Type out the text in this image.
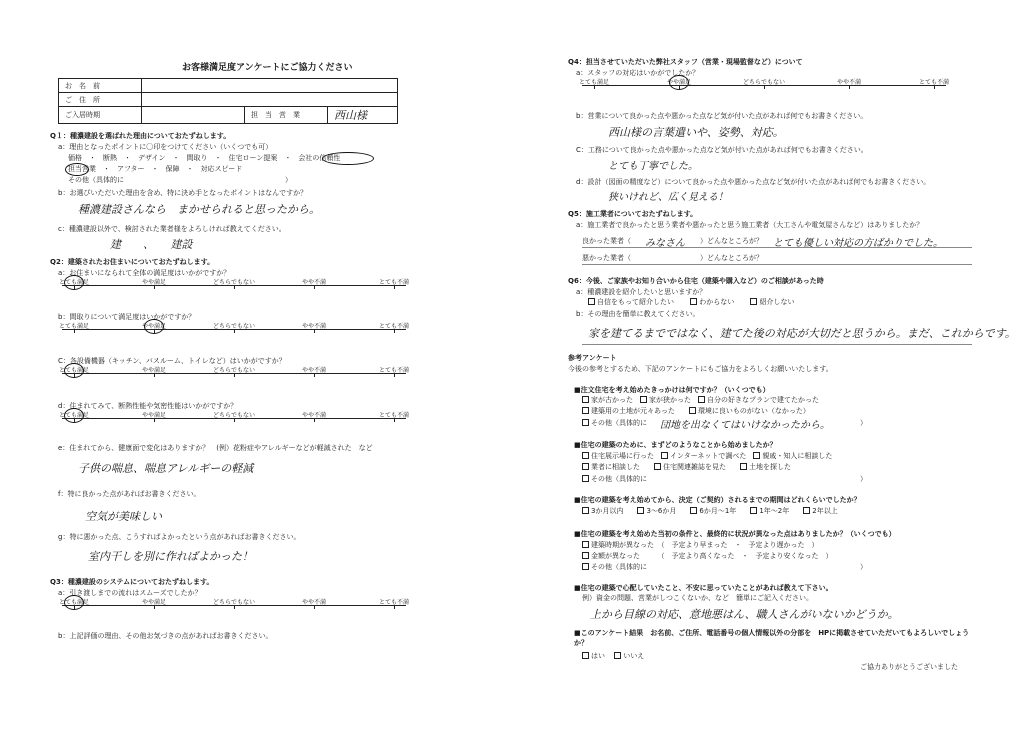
お客様満足度アンケートにご協力ください
お　名　前			
ご　住　所			
ご入居時期		担　当　営　業	西山様
Q１：種濃建設を選ばれた理由についておたずねします。
a：理由となったポイントに〇印をつけてください（いくつでも可）
価格　・　断熱　・　デザイン　・　間取り　・　住宅ローン提案　・　会社の信頼性
担当営業　・　アフター　・　保障　・　対応スピード
その他（具体的に　　　　　　　　　　　　　　　　　　　　　　　）
b：お選びいただいた理由を含め、特に決め手となったポイントはなんですか？
種濃建設さんなら　まかせられると思ったから。
c：種濃建設以外で、検討された業者様をよろしければ教えてください。
建　　、　　建設
Q2：建築されたお住まいについておたずねします。
a：お住まいになられて全体の満足度はいかがですか？
とても満足	やや満足	どちらでもない	やや不満	とても不満
b：間取りについて満足度はいかがですか？
とても満足	やや満足	どちらでもない	やや不満	とても不満
C：各設備機器（キッチン、バスルーム、トイレなど）はいかがですか？
とても満足	やや満足	どちらでもない	やや不満	とても不満
d：住まれてみて、断熱性能や気密性能はいかがですか？
とても満足	やや満足	どちらでもない	やや不満	とても不満
e：住まれてから、健康面で変化はありますか？　(例）花粉症やアレルギーなどが軽減された　など
子供の喘息、喘息アレルギーの軽減
f：特に良かった点があればお書きください。
空気が美味しい
g：特に悪かった点、こうすればよかったという点があればお書きください。
室内干しを別に作ればよかった！
Q3：種濃建設のシステムについておたずねします。
a：引き渡しまでの流れはスムーズでしたか？
とても満足	やや満足	どちらでもない	やや不満	とても不満
b：上記評価の理由、その他お気づきの点があればお書きください。
Q4：担当させていただいた弊社スタッフ（営業・現場監督など）について
a：スタッフの対応はいかがでしたか？
とても満足	やや満足	どちらでもない	やや不満	とても不満
b：営業について良かった点や悪かった点など気が付いた点があれば何でもお書きください。
西山様の言葉遣いや、姿勢、対応。
C：工務について良かった点や悪かった点など気が付いた点があれば何でもお書きください。
とても丁寧でした。
d：設計（図面の精度など）について良かった点や悪かった点など気が付いた点があれば何でもお書きください。
狭いけれど、広く見える！
Q5：施工業者についておたずねします。
a：施工業者で良かったと思う業者や悪かったと思う施工業者（大工さんや電気屋さんなど）はありましたか？
良かった業者（ みなさん ）どんなところが？ とても優しい対応の方ばかりでした。
悪かった業者（	）どんなところが？
Q6：今後、ご家族やお知り合いから住宅（建築や購入など）のご相談があった時
a：種濃建設を紹介したいと思いますか？
自信をもって紹介したい　　	わからない　　	紹介しない
b：その理由を簡単に教えてください。
家を建てるまでではなく、建てた後の対応が大切だと思うから。まだ、これからです。
参考アンケート
今後の参考とするため、下記のアンケートにもご協力をよろしくお願いいたします。
■注文住宅を考え始めたきっかけは何ですか？（いくつでも）
家が古かった　 家が狭かった　 自分の好きなプランで建てたかった
建築用の土地が元々あった　　	環境に良いものがない（なかった）
その他（具体的に 団地を出なくてはいけなかったから。	）
■住宅の建築のために、まずどのようなことから始めましたか？
住宅展示場に行った　 インターネットで調べた　 親戚・知人に相談した
業者に相談した　　	住宅関連雑誌を見た　　	土地を探した
その他（具体的に	）
■住宅の建築を考え始めてから、決定（ご契約）されるまでの期間はどれくらいでしたか？
3か月以内　　	3～6か月　　	6か月～1年　　	1年～2年　　	2年以上
■住宅の建築を考え始めた当初の条件と、最終的に状況が異なった点はありましたか？（いくつでも）
建築時期が異なった　（　予定より早まった　・　予定より遅かった　）
金額が異なった　　　（　予定より高くなった　・　予定より安くなった　）
その他（具体的に	）
■住宅の建築で心配していたこと、不安に思っていたことがあれば教えて下さい。
例）資金の問題、営業がしつこくないか、など　簡単にご記入ください。
上から目線の対応、意地悪はん、職人さんがいないかどうか。
■このアンケート結果　お名前、ご住所、電話番号の個人情報以外の分部を　HPに掲載させていただいてもよろしいでしょうか？
はい　	いいえ
ご協力ありがとうございました
